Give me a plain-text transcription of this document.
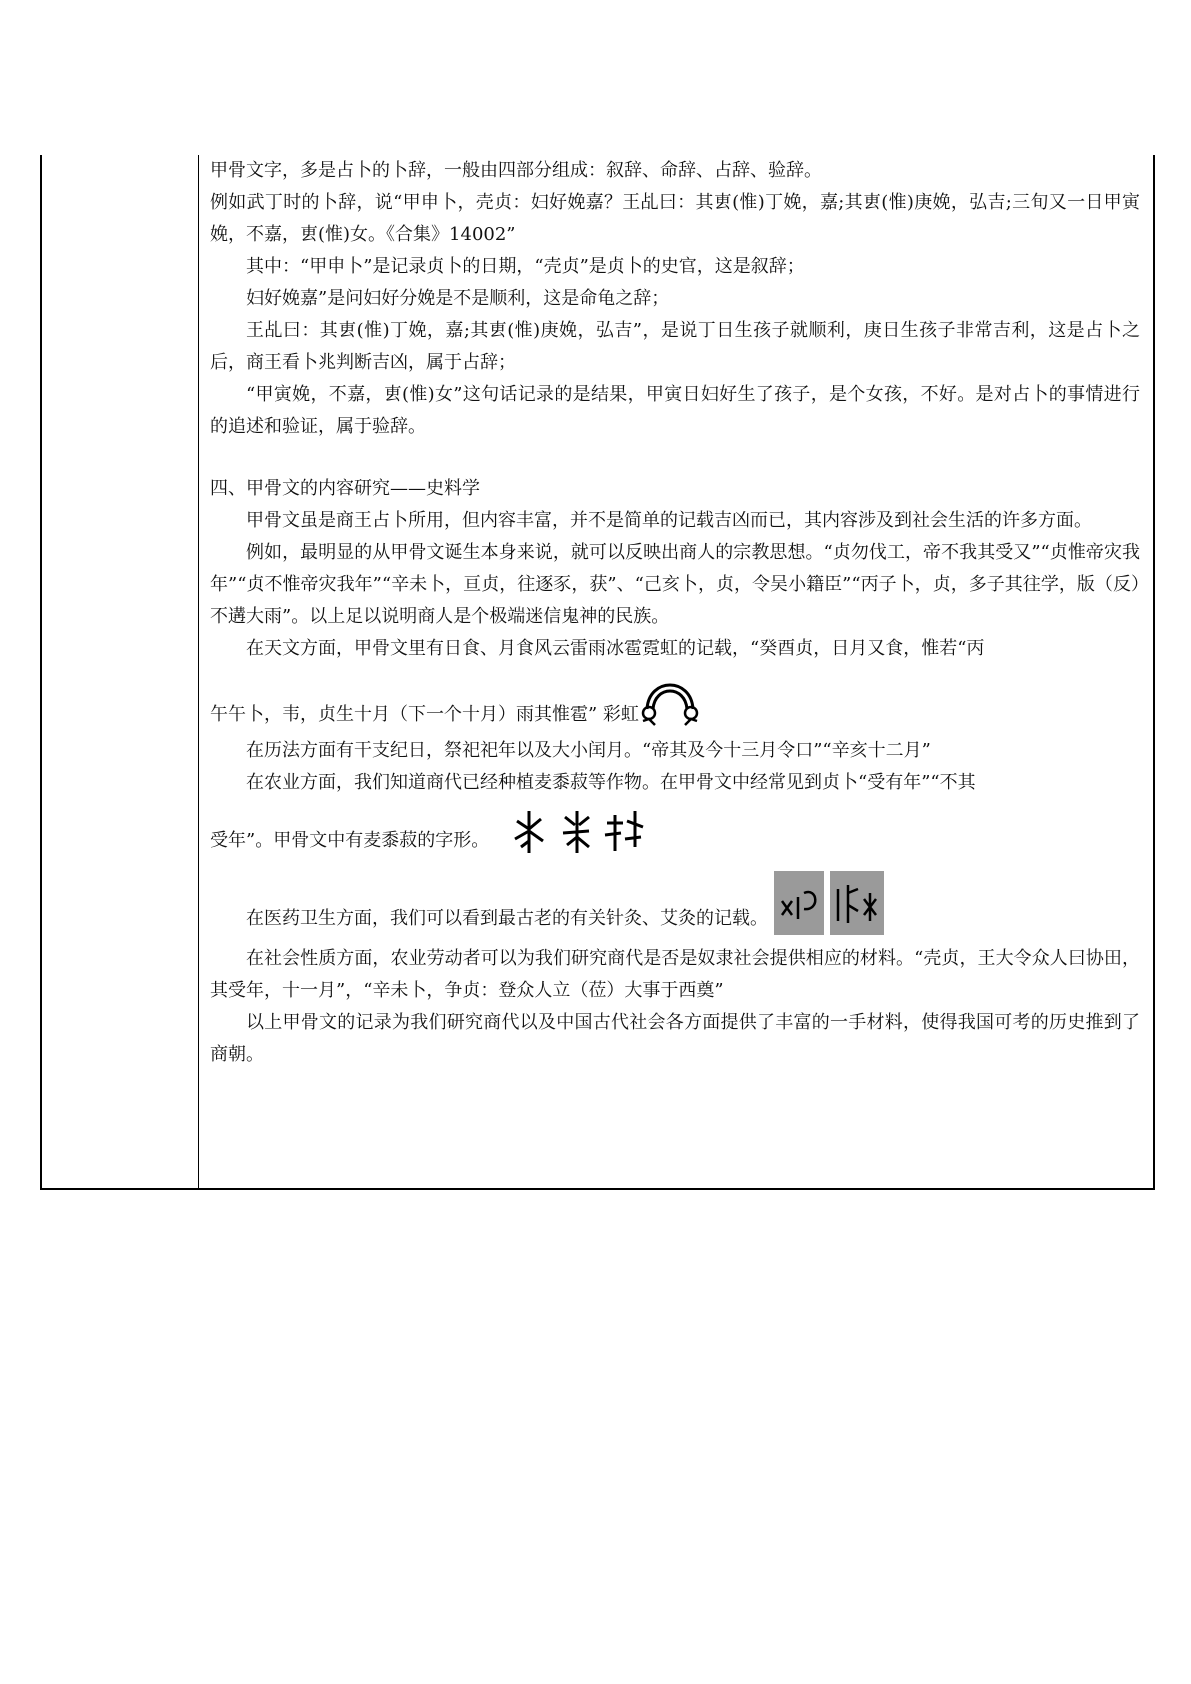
甲骨文字，多是占卜的卜辞，一般由四部分组成：叙辞、命辞、占辞、验辞。

例如武丁时的卜辞，说“甲申卜，壳贞：妇好娩嘉？王乩曰：其叀(惟)丁娩，嘉;其叀(惟)庚娩，弘吉;三旬又一日甲寅娩，不嘉，叀(惟)女。《合集》14002”

其中：“甲申卜”是记录贞卜的日期，“壳贞”是贞卜的史官，这是叙辞；

妇好娩嘉”是问妇好分娩是不是顺利，这是命龟之辞；

王乩曰：其叀(惟)丁娩，嘉;其叀(惟)庚娩，弘吉”，是说丁日生孩子就顺利，庚日生孩子非常吉利，这是占卜之后，商王看卜兆判断吉凶，属于占辞；

“甲寅娩，不嘉，叀(惟)女”这句话记录的是结果，甲寅日妇好生了孩子，是个女孩，不好。是对占卜的事情进行的追述和验证，属于验辞。

四、甲骨文的内容研究——史料学

甲骨文虽是商王占卜所用，但内容丰富，并不是简单的记载吉凶而已，其内容涉及到社会生活的许多方面。

例如，最明显的从甲骨文诞生本身来说，就可以反映出商人的宗教思想。“贞勿伐工，帝不我其受又”“贞惟帝灾我年”“贞不惟帝灾我年”“辛未卜，亘贞，往逐豕，获”、“己亥卜，贞，令吴小籍臣”“丙子卜，贞，多子其往学，版（反）不遘大雨”。以上足以说明商人是个极端迷信鬼神的民族。

在天文方面，甲骨文里有日食、月食风云雷雨冰雹霓虹的记载，“癸酉贞，日月又食，惟若“丙

午午卜，韦，贞生十月（下一个十月）雨其惟雹” 彩虹

在历法方面有干支纪日，祭祀祀年以及大小闰月。“帝其及今十三月令口”“辛亥十二月”

在农业方面，我们知道商代已经种植麦黍菽等作物。在甲骨文中经常见到贞卜“受有年”“不其

受年”。甲骨文中有麦黍菽的字形。
在医药卫生方面，我们可以看到最古老的有关针灸、艾灸的记载。

在社会性质方面，农业劳动者可以为我们研究商代是否是奴隶社会提供相应的材料。“壳贞，王大令众人曰协田，其受年，十一月”，“辛未卜，争贞：登众人立（莅）大事于西奠”

以上甲骨文的记录为我们研究商代以及中国古代社会各方面提供了丰富的一手材料，使得我国可考的历史推到了商朝。
